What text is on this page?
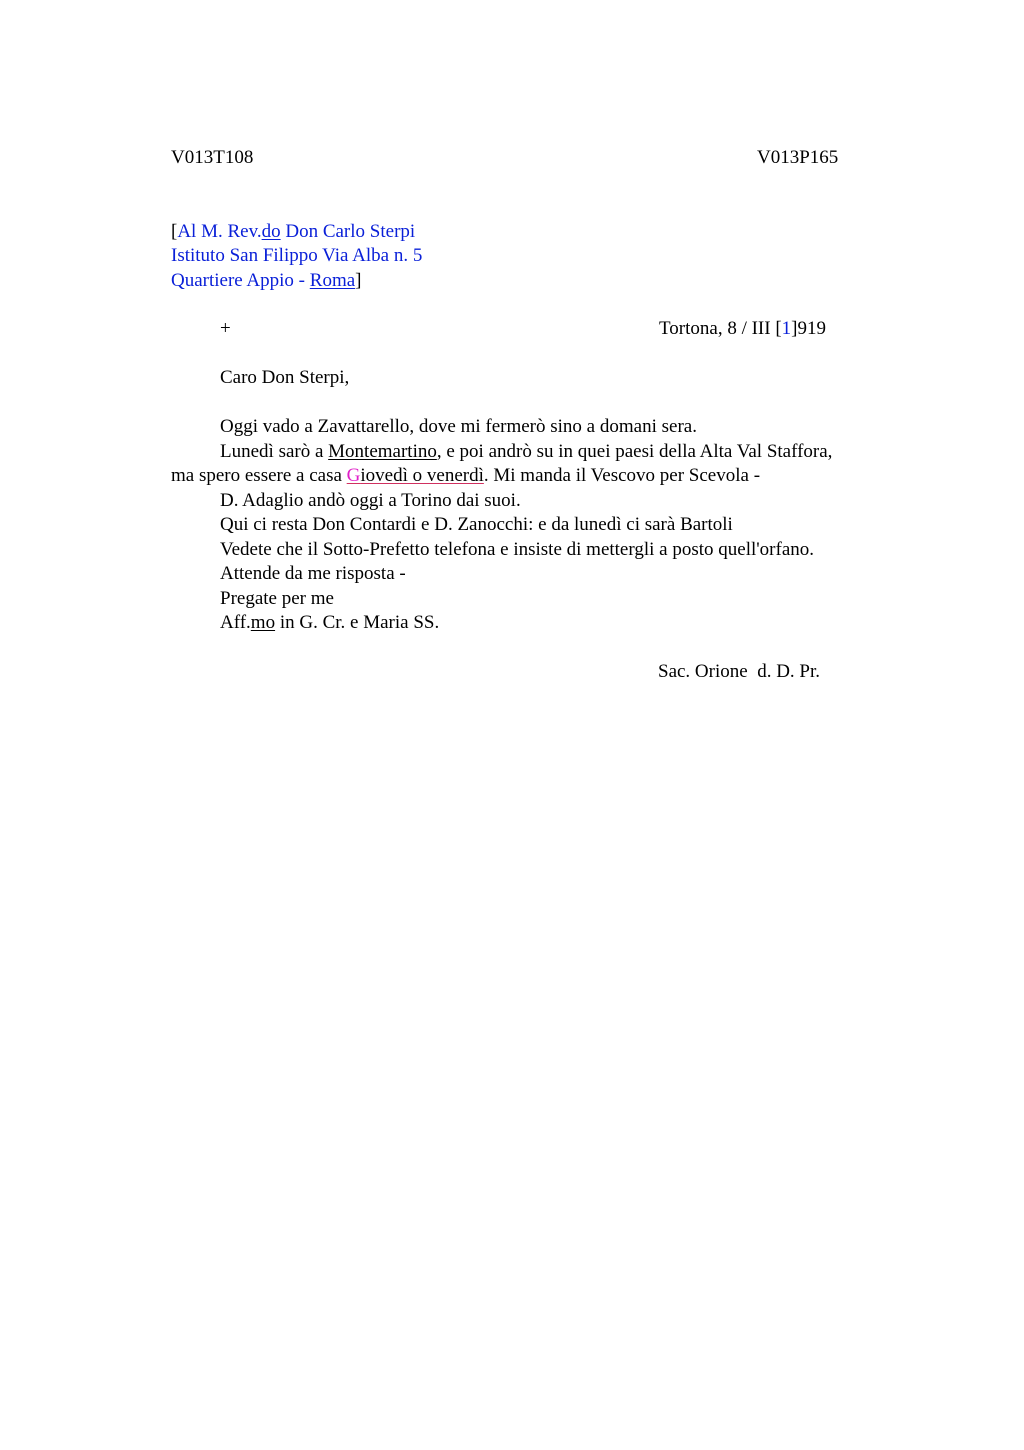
V013T108	V013P165
[Al M. Rev.do Don Carlo Sterpi
Istituto San Filippo Via Alba n. 5
Quartiere Appio - Roma]
+	Tortona, 8 / III [1]919
Caro Don Sterpi,
Oggi vado a Zavattarello, dove mi fermerò sino a domani sera.
Lunedì sarò a Montemartino, e poi andrò su in quei paesi della Alta Val Staffora,
ma spero essere a casa Giovedì o venerdì. Mi manda il Vescovo per Scevola -
D. Adaglio andò oggi a Torino dai suoi.
Qui ci resta Don Contardi e D. Zanocchi: e da lunedì ci sarà Bartoli
Vedete che il Sotto-Prefetto telefona e insiste di mettergli a posto quell'orfano.
Attende da me risposta -
Pregate per me
Aff.mo in G. Cr. e Maria SS.
Sac. Orione  d. D. Pr.
